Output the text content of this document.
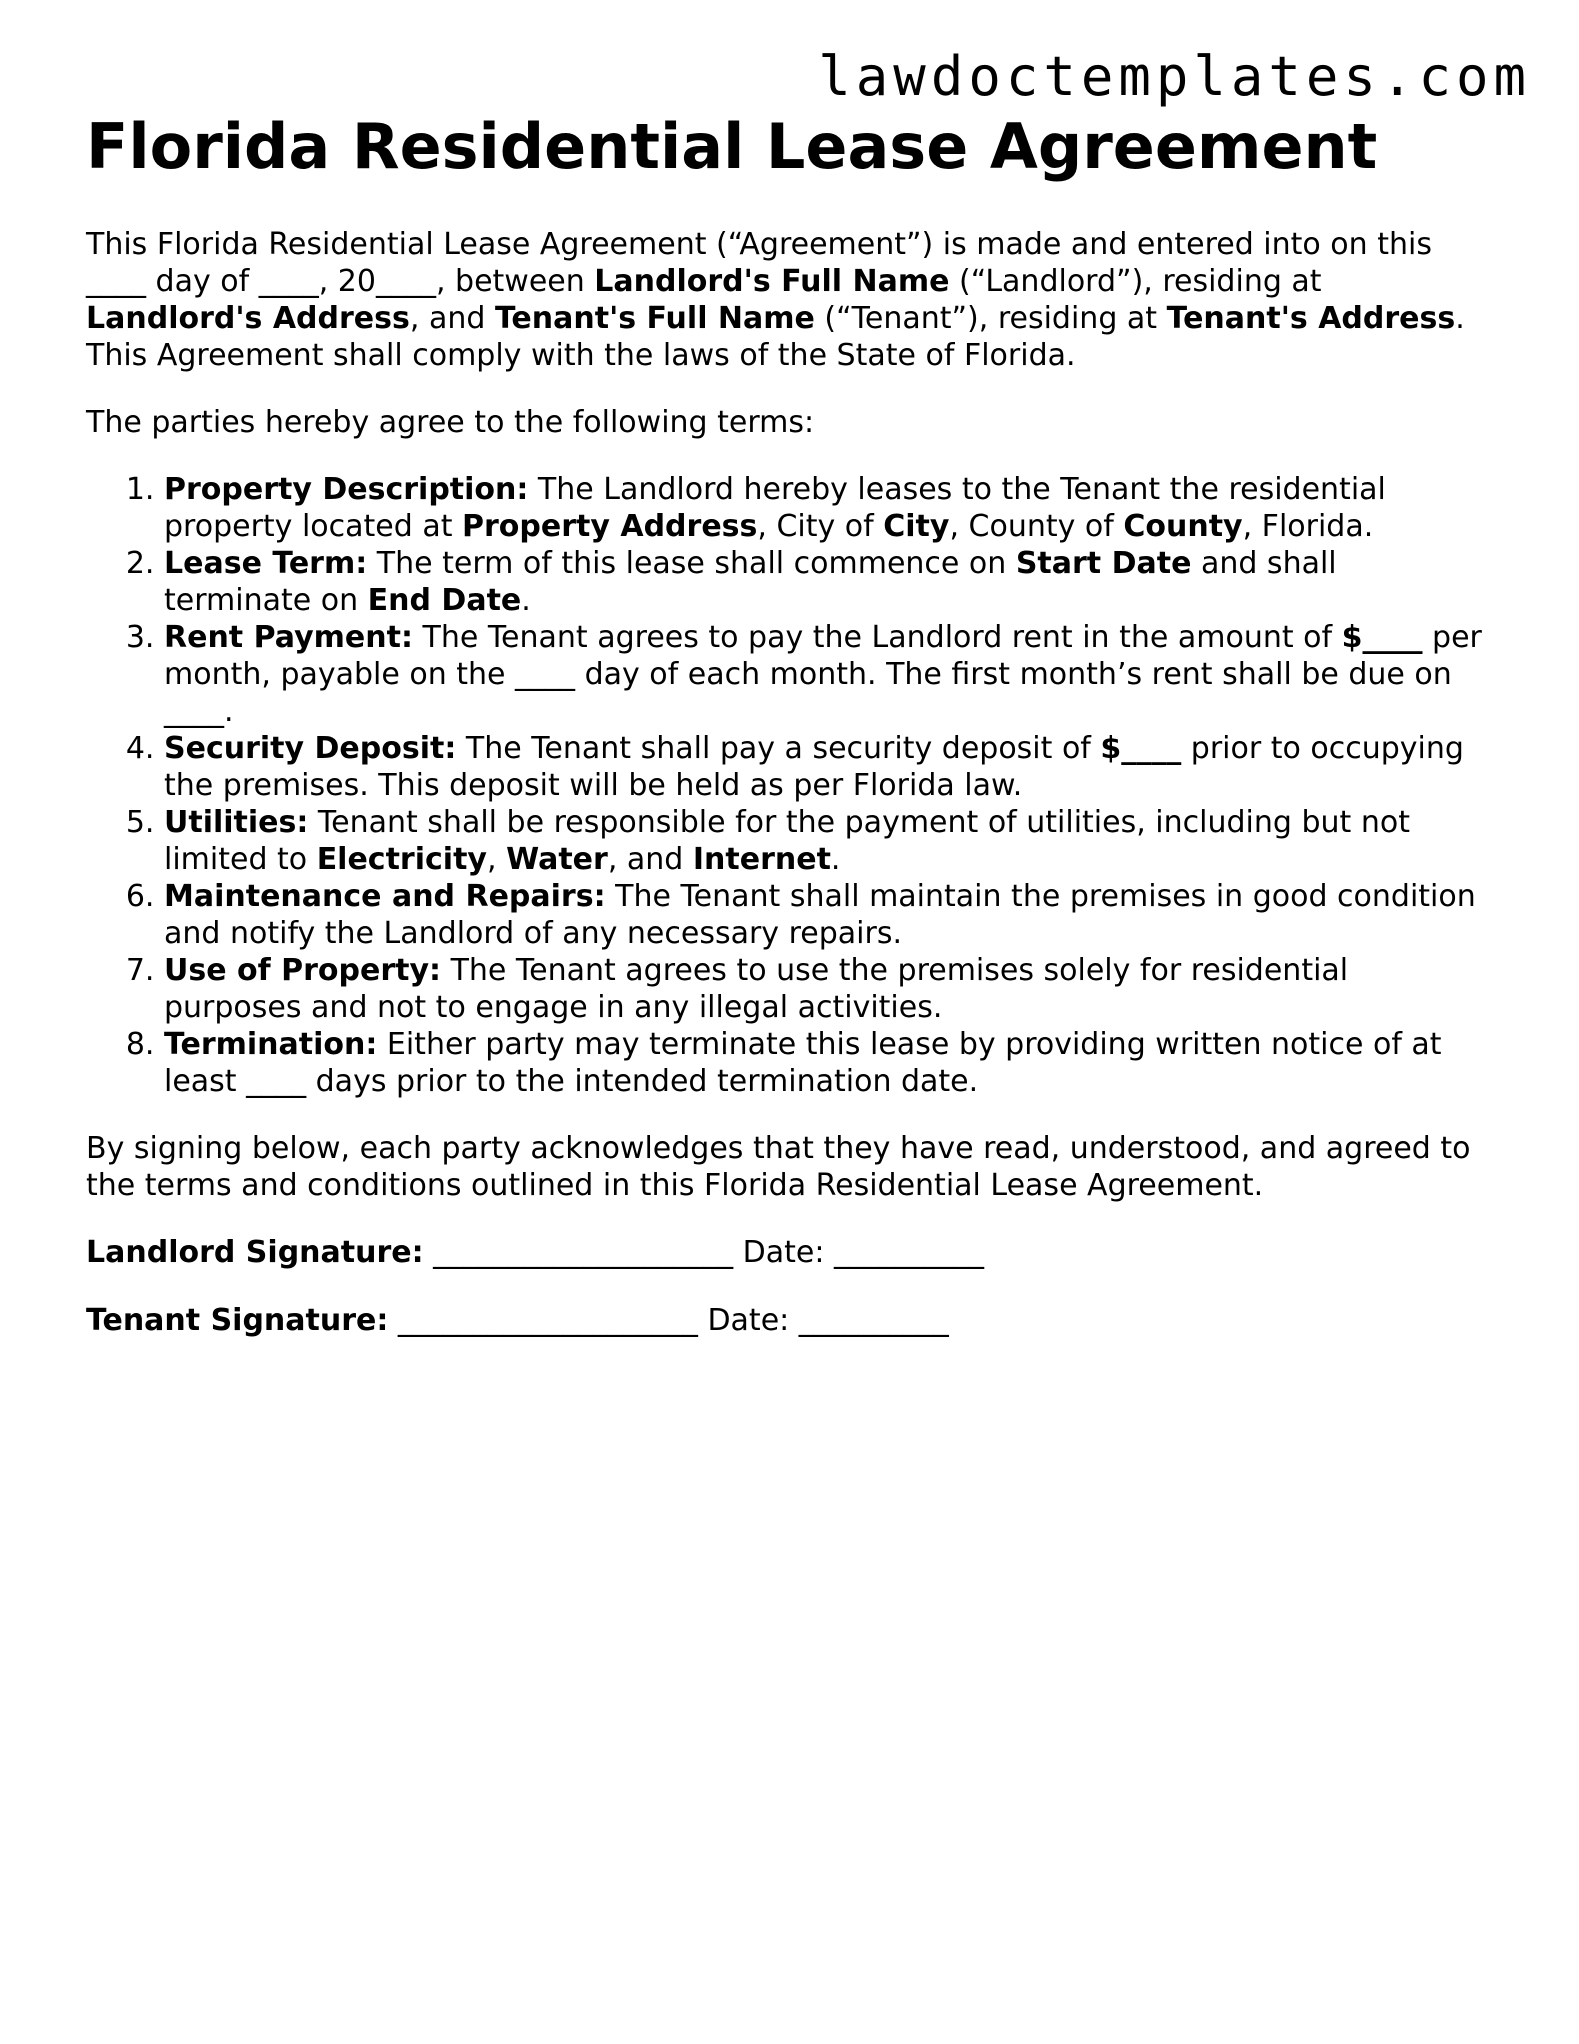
lawdoctemplates.com
Florida Residential Lease Agreement

This Florida Residential Lease Agreement (“Agreement”) is made and entered into on this ____ day of ____, 20____, between Landlord's Full Name (“Landlord”), residing at Landlord's Address, and Tenant's Full Name (“Tenant”), residing at Tenant's Address. This Agreement shall comply with the laws of the State of Florida.

The parties hereby agree to the following terms:

1. Property Description: The Landlord hereby leases to the Tenant the residential property located at Property Address, City of City, County of County, Florida.
2. Lease Term: The term of this lease shall commence on Start Date and shall terminate on End Date.
3. Rent Payment: The Tenant agrees to pay the Landlord rent in the amount of $____ per month, payable on the ____ day of each month. The first month’s rent shall be due on ____.
4. Security Deposit: The Tenant shall pay a security deposit of $____ prior to occupying the premises. This deposit will be held as per Florida law.
5. Utilities: Tenant shall be responsible for the payment of utilities, including but not limited to Electricity, Water, and Internet.
6. Maintenance and Repairs: The Tenant shall maintain the premises in good condition and notify the Landlord of any necessary repairs.
7. Use of Property: The Tenant agrees to use the premises solely for residential purposes and not to engage in any illegal activities.
8. Termination: Either party may terminate this lease by providing written notice of at least ____ days prior to the intended termination date.

By signing below, each party acknowledges that they have read, understood, and agreed to the terms and conditions outlined in this Florida Residential Lease Agreement.

Landlord Signature: ____________________ Date: __________
Tenant Signature: ____________________ Date: __________
